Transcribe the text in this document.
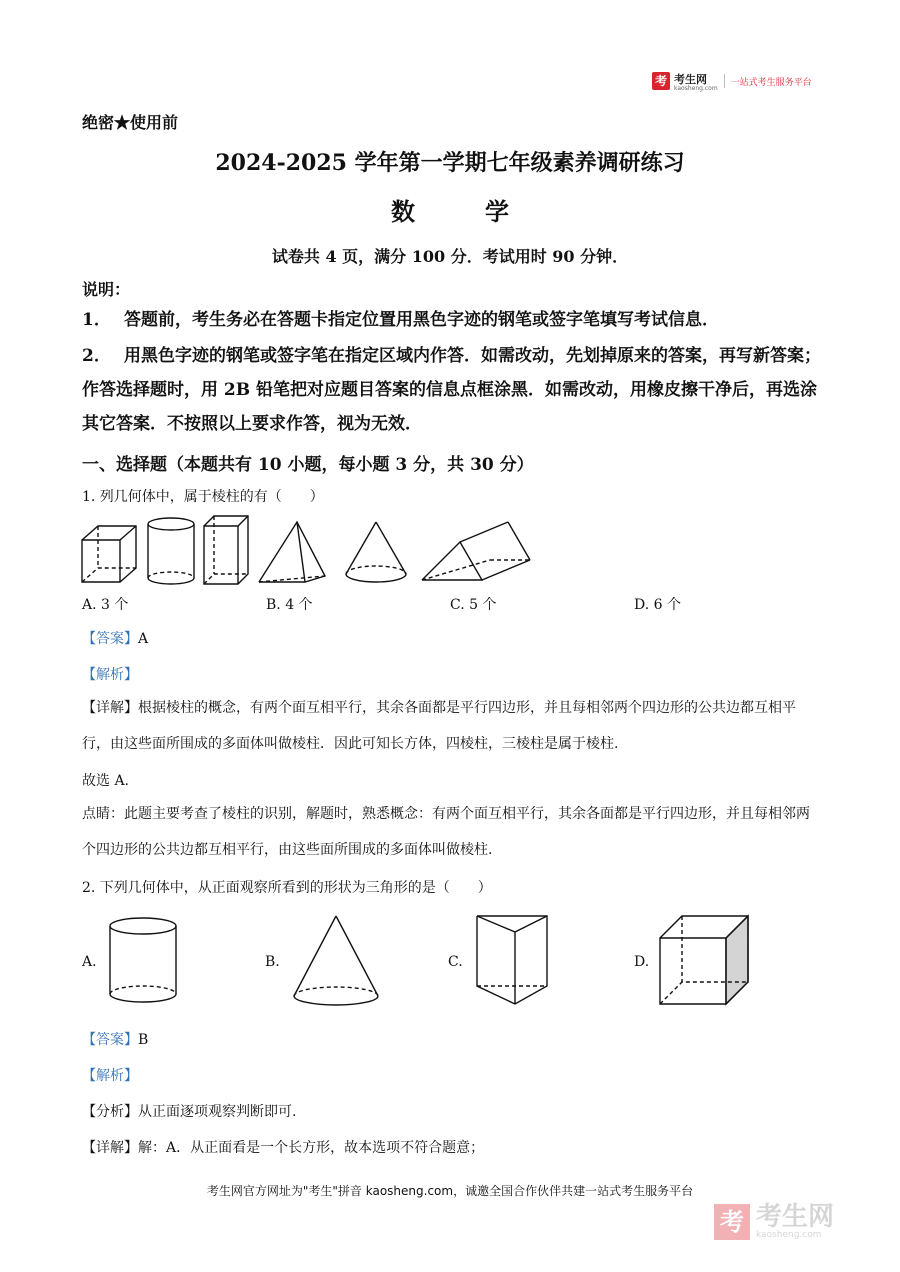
考 考生网
kaosheng.com
一站式考生服务平台
绝密★使用前
2024-2025 学年第一学期七年级素养调研练习
数学
试卷共 4 页，满分 100 分．考试用时 90 分钟．
说明：
1． 答题前，考生务必在答题卡指定位置用黑色字迹的钢笔或签字笔填写考试信息．
2． 用黑色字迹的钢笔或签字笔在指定区域内作答．如需改动，先划掉原来的答案，再写新答案；作答选择题时，用 2B 铅笔把对应题目答案的信息点框涂黑．如需改动，用橡皮擦干净后，再选涂其它答案．不按照以上要求作答，视为无效．
一、选择题（本题共有 10 小题，每小题 3 分，共 30 分）
1. 列几何体中，属于棱柱的有（　　）
A. 3 个	B. 4 个	C. 5 个	D. 6 个
【答案】A
【解析】
【详解】根据棱柱的概念，有两个面互相平行，其余各面都是平行四边形，并且每相邻两个四边形的公共边都互相平行，由这些面所围成的多面体叫做棱柱．因此可知长方体，四棱柱，三棱柱是属于棱柱.
故选 A.
点睛：此题主要考查了棱柱的识别，解题时，熟悉概念：有两个面互相平行，其余各面都是平行四边形，并且每相邻两个四边形的公共边都互相平行，由这些面所围成的多面体叫做棱柱.
2. 下列几何体中，从正面观察所看到的形状为三角形的是（　　）
A.	B.	C.	D.
【答案】B
【解析】
【分析】从正面逐项观察判断即可.
【详解】解：A．从正面看是一个长方形，故本选项不符合题意；
考生网官方网址为"考生"拼音 kaosheng.com，诚邀全国合作伙伴共建一站式考生服务平台
考 考生网
kaosheng.com
